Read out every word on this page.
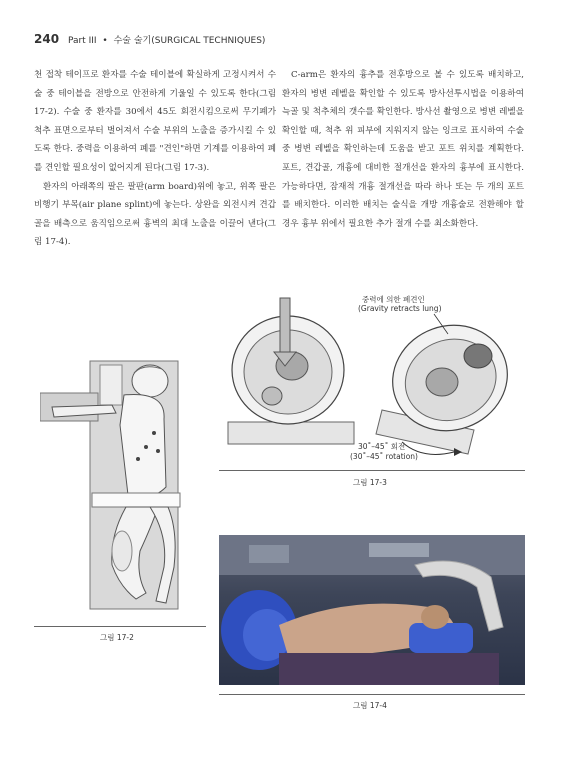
240 Part III • 수술 술기(SURGICAL TECHNIQUES)

천 접착 테이프로 환자를 수술 테이블에 확실하게 고정시켜서 수술 중 테이블을 전방으로 안전하게 기울일 수 있도록 한다(그림 17-2). 수술 중 환자를 30에서 45도 회전시킴으로써 무기폐가 척추 표면으로부터 벌어져서 수술 부위의 노출을 증가시킬 수 있도록 한다. 중력을 이용하여 폐를 "견인"하면 기계를 이용하여 폐를 견인할 필요성이 없어지게 된다(그림 17-3).

환자의 아래쪽의 팔은 팔판(arm board)위에 놓고, 위쪽 팔은 비행기 부목(air plane splint)에 놓는다. 상완을 외전시켜 견갑골을 배측으로 움직임으로써 흉벽의 최대 노출을 이끌어 낸다(그림 17-4).

C-arm은 환자의 흉추를 전후방으로 볼 수 있도록 배치하고, 환자의 병변 레벨을 확인할 수 있도록 방사선투시법을 이용하여 늑골 및 척추체의 갯수를 확인한다. 방사선 촬영으로 병변 레벨을 확인할 때, 척추 위 피부에 지워지지 않는 잉크로 표시하여 수술 중 병변 레벨을 확인하는데 도움을 받고 포트 위치를 계획한다. 포트, 견갑골, 개흉에 대비한 절개선을 환자의 흉부에 표시한다. 가능하다면, 잠재적 개흉 절개선을 따라 하나 또는 두 개의 포트를 배치한다. 이러한 배치는 술식을 개방 개흉술로 전환해야 할 경우 흉부 위에서 필요한 추가 절개 수를 최소화한다.

그림 17-2
중력에 의한 폐견인
(Gravity retracts lung)
30˚–45˚ 회전
(30˚–45˚ rotation)
그림 17-3
그림 17-4
